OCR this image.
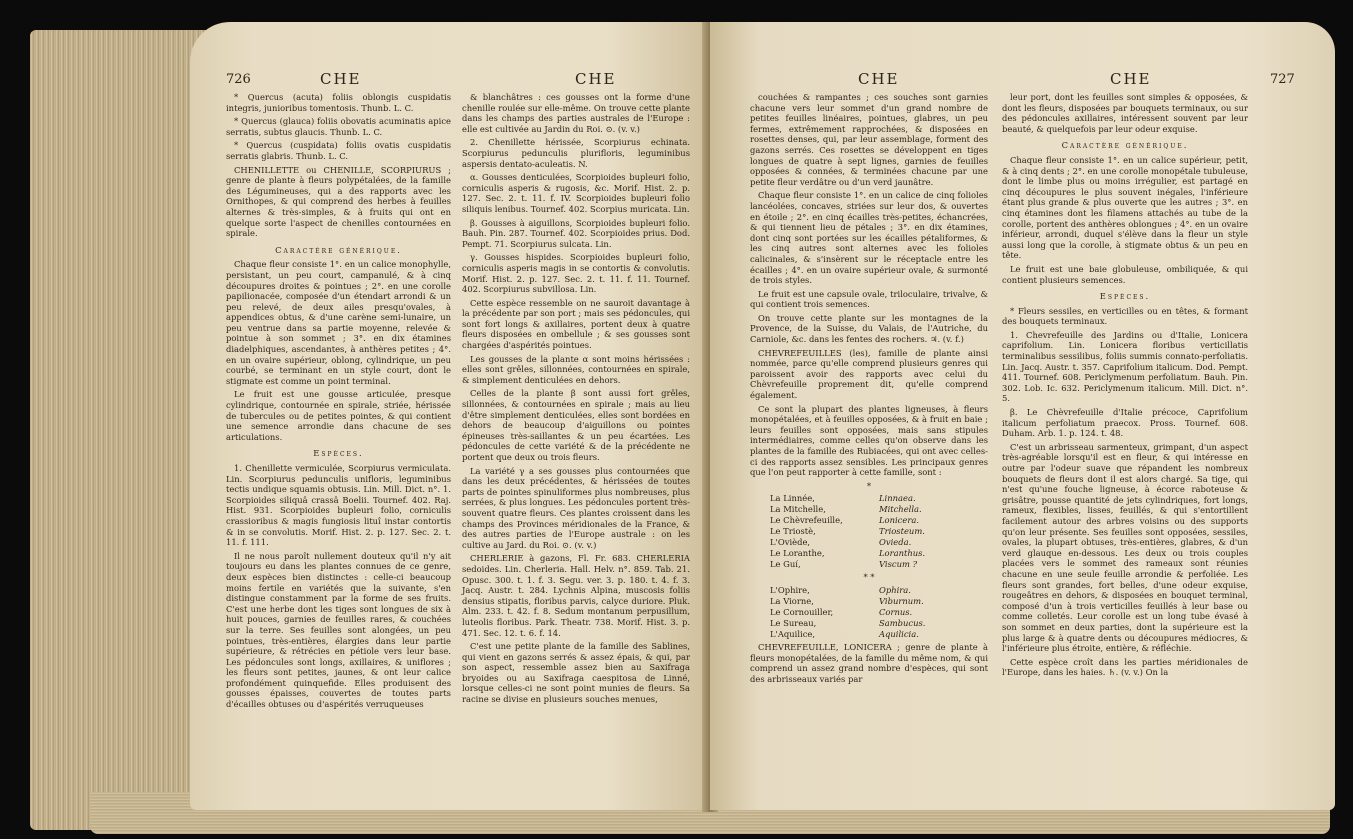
726	CHE	CHE

* Quercus (acuta) foliis oblongis cuspidatis integris, junioribus tomentosis. Thunb. L. C.

* Quercus (glauca) foliis obovatis acuminatis apice serratis, subtus glaucis. Thunb. L. C.

* Quercus (cuspidata) foliis ovatis cuspidatis serratis glabris. Thunb. L. C.

CHENILLETTE ou CHENILLE, SCORPIURUS ; genre de plante à fleurs polypétalées, de la famille des Légumineuses, qui a des rapports avec les Ornithopes, & qui comprend des herbes à feuilles alternes & très-simples, & à fruits qui ont en quelque sorte l'aspect de chenilles contournées en spirale.

Caractère générique.

Chaque fleur consiste 1°. en un calice monophylle, persistant, un peu court, campanulé, & à cinq découpures droites & pointues ; 2°. en une corolle papilionacée, composée d'un étendart arrondi & un peu relevé, de deux ailes presqu'ovales, à appendices obtus, & d'une carène semi-lunaire, un peu ventrue dans sa partie moyenne, relevée & pointue à son sommet ; 3°. en dix étamines diadelphiques, ascendantes, à anthères petites ; 4°. en un ovaire supérieur, oblong, cylindrique, un peu courbé, se terminant en un style court, dont le stigmate est comme un point terminal.

Le fruit est une gousse articulée, presque cylindrique, contournée en spirale, striée, hérissée de tubercules ou de petites pointes, & qui contient une semence arrondie dans chacune de ses articulations.

Espèces.

1. Chenillette vermiculée, Scorpiurus vermiculata. Lin. Scorpiurus pedunculis unifloris, leguminibus tectis undique squamis obtusis. Lin. Mill. Dict. n°. 1. Scorpioides siliquâ crassâ Boelii. Tournef. 402. Raj. Hist. 931. Scorpioides bupleuri folio, corniculis crassioribus & magis fungiosis lituî instar contortis & in se convolutis. Morif. Hist. 2. p. 127. Sec. 2. t. 11. f. 111.

Il ne nous paroît nullement douteux qu'il n'y ait toujours eu dans les plantes connues de ce genre, deux espèces bien distinctes : celle-ci beaucoup moins fertile en variétés que la suivante, s'en distingue constamment par la forme de ses fruits. C'est une herbe dont les tiges sont longues de six à huit pouces, garnies de feuilles rares, & couchées sur la terre. Ses feuilles sont alongées, un peu pointues, très-entières, élargies dans leur partie supérieure, & rétrécies en pétiole vers leur base. Les pédoncules sont longs, axillaires, & uniflores ; les fleurs sont petites, jaunes, & ont leur calice profondément quinquefide. Elles produisent des gousses épaisses, couvertes de toutes parts d'écailles obtuses ou d'aspérités verruqueuses

& blanchâtres : ces gousses ont la forme d'une chenille roulée sur elle-même. On trouve cette plante dans les champs des parties australes de l'Europe : elle est cultivée au Jardin du Roi. ⊙. (v. v.)

2. Chenillette hérissée, Scorpiurus echinata. Scorpiurus pedunculis plurifloris, leguminibus aspersis dentato-aculeatis. N.

α. Gousses denticulées, Scorpioides bupleuri folio, corniculis asperis & rugosis, &c. Morif. Hist. 2. p. 127. Sec. 2. t. 11. f. IV. Scorpioides bupleuri folio siliquis lenibus. Tournef. 402. Scorpius muricata. Lin.

β. Gousses à aiguillons, Scorpioides bupleuri folio. Bauh. Pin. 287. Tournef. 402. Scorpioides prius. Dod. Pempt. 71. Scorpiurus sulcata. Lin.

γ. Gousses hispides. Scorpioides bupleuri folio, corniculis asperis magis in se contortis & convolutis. Morif. Hist. 2. p. 127. Sec. 2. t. 11. f. 11. Tournef. 402. Scorpiurus subvillosa. Lin.

Cette espèce ressemble on ne sauroit davantage à la précédente par son port ; mais ses pédoncules, qui sont fort longs & axillaires, portent deux à quatre fleurs disposées en ombellule ; & ses gousses sont chargées d'aspérités pointues.

Les gousses de la plante α sont moins hérissées : elles sont grêles, sillonnées, contournées en spirale, & simplement denticulées en dehors.

Celles de la plante β sont aussi fort grêles, sillonnées, & contournées en spirale ; mais au lieu d'être simplement denticulées, elles sont bordées en dehors de beaucoup d'aiguillons ou pointes épineuses très-saillantes & un peu écartées. Les pédoncules de cette variété & de la précédente ne portent que deux ou trois fleurs.

La variété γ a ses gousses plus contournées que dans les deux précédentes, & hérissées de toutes parts de pointes spinuliformes plus nombreuses, plus serrées, & plus longues. Les pédoncules portent très-souvent quatre fleurs. Ces plantes croissent dans les champs des Provinces méridionales de la France, & des autres parties de l'Europe australe : on les cultive au Jard. du Roi. ⊙. (v. v.)

CHERLERIE à gazons, Fl. Fr. 683. CHERLERIA sedoides. Lin. Cherleria. Hall. Helv. n°. 859. Tab. 21. Opusc. 300. t. 1. f. 3. Segu. ver. 3. p. 180. t. 4. f. 3. Jacq. Austr. t. 284. Lychnis Alpina, muscosis foliis densius stipatis, floribus parvis, calyce duriore. Pluk. Alm. 233. t. 42. f. 8. Sedum montanum perpusillum, luteolis floribus. Park. Theatr. 738. Morif. Hist. 3. p. 471. Sec. 12. t. 6. f. 14.

C'est une petite plante de la famille des Sablines, qui vient en gazons serrés & assez épais, & qui, par son aspect, ressemble assez bien au Saxifraga bryoides ou au Saxifraga caespitosa de Linné, lorsque celles-ci ne sont point munies de fleurs. Sa racine se divise en plusieurs souches menues,

CHE	CHE	727

couchées & rampantes ; ces souches sont garnies chacune vers leur sommet d'un grand nombre de petites feuilles linéaires, pointues, glabres, un peu fermes, extrêmement rapprochées, & disposées en rosettes denses, qui, par leur assemblage, forment des gazons serrés. Ces rosettes se développent en tiges longues de quatre à sept lignes, garnies de feuilles opposées & connées, & terminées chacune par une petite fleur verdâtre ou d'un verd jaunâtre.

Chaque fleur consiste 1°. en un calice de cinq folioles lancéolées, concaves, striées sur leur dos, & ouvertes en étoile ; 2°. en cinq écailles très-petites, échancrées, & qui tiennent lieu de pétales ; 3°. en dix étamines, dont cinq sont portées sur les écailles pétaliformes, & les cinq autres sont alternes avec les folioles calicinales, & s'insèrent sur le réceptacle entre les écailles ; 4°. en un ovaire supérieur ovale, & surmonté de trois styles.

Le fruit est une capsule ovale, triloculaire, trivalve, & qui contient trois semences.

On trouve cette plante sur les montagnes de la Provence, de la Suisse, du Valais, de l'Autriche, du Carniole, &c. dans les fentes des rochers. ♃. (v. f.)

CHEVREFEUILLES (les), famille de plante ainsi nommée, parce qu'elle comprend plusieurs genres qui paroissent avoir des rapports avec celui du Chèvrefeuille proprement dit, qu'elle comprend également.

Ce sont la plupart des plantes ligneuses, à fleurs monopétalées, et à feuilles opposées, & à fruit en baie ; leurs feuilles sont opposées, mais sans stipules intermédiaires, comme celles qu'on observe dans les plantes de la famille des Rubiacées, qui ont avec celles-ci des rapports assez sensibles. Les principaux genres que l'on peut rapporter à cette famille, sont :

*
La Linnée,	Linnaea.
La Mitchelle,	Mitchella.
Le Chèvrefeuille,	Lonicera.
Le Triostè,	Triosteum.
L'Oviède,	Ovieda.
Le Loranthe,	Loranthus.
Le Guí,	Viscum ?
* *
L'Ophire,	Ophira.
La Viorne,	Viburnum.
Le Cornouiller,	Cornus.
Le Sureau,	Sambucus.
L'Aquilice,	Aquilicia.

CHEVREFEUILLE, LONICERA ; genre de plante à fleurs monopétalées, de la famille du même nom, & qui comprend un assez grand nombre d'espèces, qui sont des arbrisseaux variés par

leur port, dont les feuilles sont simples & opposées, & dont les fleurs, disposées par bouquets terminaux, ou sur des pédoncules axillaires, intéressent souvent par leur beauté, & quelquefois par leur odeur exquise.

Caractère générique.

Chaque fleur consiste 1°. en un calice supérieur, petit, & à cinq dents ; 2°. en une corolle monopétale tubuleuse, dont le limbe plus ou moins irrégulier, est partagé en cinq découpures le plus souvent inégales, l'inférieure étant plus grande & plus ouverte que les autres ; 3°. en cinq étamines dont les filamens attachés au tube de la corolle, portent des anthères oblongues ; 4°. en un ovaire inférieur, arrondi, duquel s'élève dans la fleur un style aussi long que la corolle, à stigmate obtus & un peu en tête.

Le fruit est une baie globuleuse, ombiliquée, & qui contient plusieurs semences.

Espèces.

* Fleurs sessiles, en verticilles ou en têtes, & formant des bouquets terminaux.

1. Chevrefeuille des Jardins ou d'Italie, Lonicera caprifolium. Lin. Lonicera floribus verticillatis terminalibus sessilibus, foliis summis connato-perfoliatis. Lin. Jacq. Austr. t. 357. Caprifolium italicum. Dod. Pempt. 411. Tournef. 608. Periclymenum perfoliatum. Bauh. Pin. 302. Lob. Ic. 632. Periclymenum italicum. Mill. Dict. n°. 5.

β. Le Chèvrefeuille d'Italie précoce, Caprifolium italicum perfoliatum praecox. Pross. Tournef. 608. Duham. Arb. 1. p. 124. t. 48.

C'est un arbrisseau sarmenteux, grimpant, d'un aspect très-agréable lorsqu'il est en fleur, & qui intéresse en outre par l'odeur suave que répandent les nombreux bouquets de fleurs dont il est alors chargé. Sa tige, qui n'est qu'une fouche ligneuse, à écorce raboteuse & grisâtre, pousse quantité de jets cylindriques, fort longs, rameux, flexibles, lisses, feuillés, & qui s'entortillent facilement autour des arbres voisins ou des supports qu'on leur présente. Ses feuilles sont opposées, sessiles, ovales, la plupart obtuses, très-entières, glabres, & d'un verd glauque en-dessous. Les deux ou trois couples placées vers le sommet des rameaux sont réunies chacune en une seule feuille arrondie & perfoliée. Les fleurs sont grandes, fort belles, d'une odeur exquise, rougeâtres en dehors, & disposées en bouquet terminal, composé d'un à trois verticilles feuillés à leur base ou comme colletés. Leur corolle est un long tube évasé à son sommet en deux parties, dont la supérieure est la plus large & à quatre dents ou découpures médiocres, & l'inférieure plus étroite, entière, & réfléchie.

Cette espèce croît dans les parties méridionales de l'Europe, dans les haies. ♄. (v. v.) On la
